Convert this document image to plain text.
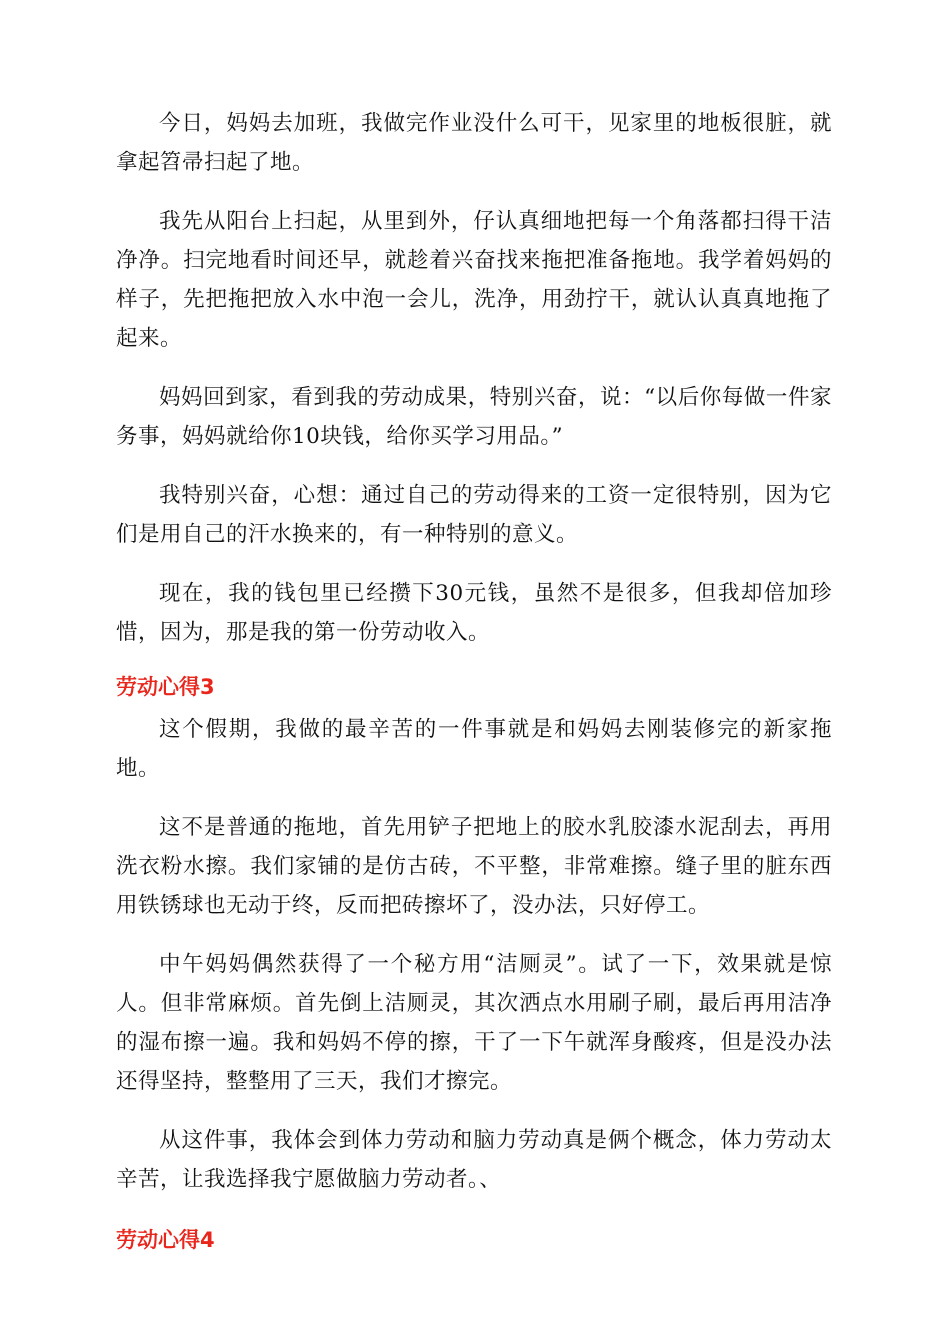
今日，妈妈去加班，我做完作业没什么可干，见家里的地板很脏，就拿起笤帚扫起了地。

我先从阳台上扫起，从里到外，仔认真细地把每一个角落都扫得干洁净净。扫完地看时间还早，就趁着兴奋找来拖把准备拖地。我学着妈妈的样子，先把拖把放入水中泡一会儿，洗净，用劲拧干，就认认真真地拖了起来。

妈妈回到家，看到我的劳动成果，特别兴奋，说：“以后你每做一件家务事，妈妈就给你10块钱，给你买学习用品。”

我特别兴奋，心想：通过自己的劳动得来的工资一定很特别，因为它们是用自己的汗水换来的，有一种特别的意义。

现在，我的钱包里已经攒下30元钱，虽然不是很多，但我却倍加珍惜，因为，那是我的第一份劳动收入。

劳动心得3

这个假期，我做的最辛苦的一件事就是和妈妈去刚装修完的新家拖地。

这不是普通的拖地，首先用铲子把地上的胶水乳胶漆水泥刮去，再用洗衣粉水擦。我们家铺的是仿古砖，不平整，非常难擦。缝子里的脏东西用铁锈球也无动于终，反而把砖擦坏了，没办法，只好停工。

中午妈妈偶然获得了一个秘方用“洁厕灵”。试了一下，效果就是惊人。但非常麻烦。首先倒上洁厕灵，其次洒点水用刷子刷，最后再用洁净的湿布擦一遍。我和妈妈不停的擦，干了一下午就浑身酸疼，但是没办法还得坚持，整整用了三天，我们才擦完。

从这件事，我体会到体力劳动和脑力劳动真是俩个概念，体力劳动太辛苦，让我选择我宁愿做脑力劳动者。、

劳动心得4
